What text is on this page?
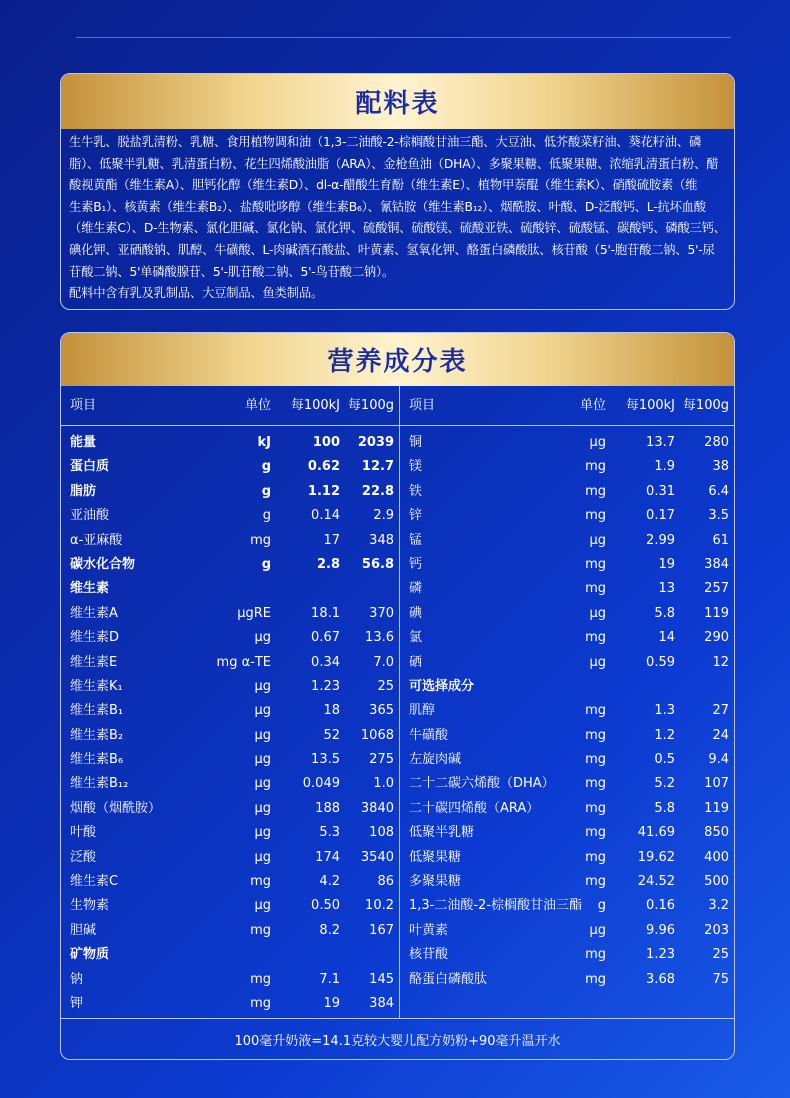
配料表

生牛乳、脱盐乳清粉、乳糖、食用植物调和油（1,3-二油酸-2-棕榈酸甘油三酯、大豆油、低芥酸菜籽油、葵花籽油、磷

脂）、低聚半乳糖、乳清蛋白粉、花生四烯酸油脂（ARA）、金枪鱼油（DHA）、多聚果糖、低聚果糖、浓缩乳清蛋白粉、醋

酸视黄酯（维生素A）、胆钙化醇（维生素D）、dl-α-醋酸生育酚（维生素E）、植物甲萘醌（维生素K）、硝酸硫胺素（维

生素B₁）、核黄素（维生素B₂）、盐酸吡哆醇（维生素B₆）、氰钴胺（维生素B₁₂）、烟酰胺、叶酸、D-泛酸钙、L-抗坏血酸

（维生素C）、D-生物素、氯化胆碱、氯化钠、氯化钾、硫酸铜、硫酸镁、硫酸亚铁、硫酸锌、硫酸锰、碳酸钙、磷酸三钙、

碘化钾、亚硒酸钠、肌醇、牛磺酸、L-肉碱酒石酸盐、叶黄素、氢氧化钾、酪蛋白磷酸肽、核苷酸（5'-胞苷酸二钠、5'-尿

苷酸二钠、5'单磷酸腺苷、5'-肌苷酸二钠、5'-鸟苷酸二钠）。

配料中含有乳及乳制品、大豆制品、鱼类制品。

营养成分表
项目	单位 每100kJ 每100g
能量	kJ	100 2039
蛋白质	g	0.62 12.7
脂肪	g	1.12 22.8
亚油酸	g	0.14	2.9
α-亚麻酸	mg	17 348
碳水化合物	g	2.8 56.8
维生素
维生素A	μgRE	18.1 370
维生素D	μg	0.67 13.6
维生素E	mg α-TE	0.34	7.0
维生素K₁	μg	1.23	25
维生素B₁	μg	18 365
维生素B₂	μg	52 1068
维生素B₆	μg	13.5 275
维生素B₁₂	μg 0.049	1.0
烟酸（烟酰胺）	μg	188 3840
叶酸	μg	5.3 108
泛酸	μg	174 3540
维生素C	mg	4.2	86
生物素	μg	0.50 10.2
胆碱	mg	8.2 167
矿物质
钠	mg	7.1 145
钾	mg	19 384
项目	单位 每100kJ 每100g
铜	μg	13.7 280
镁	mg	1.9	38
铁	mg	0.31	6.4
锌	mg	0.17	3.5
锰	μg	2.99	61
钙	mg	19 384
磷	mg	13 257
碘	μg	5.8 119
氯	mg	14 290
硒	μg	0.59	12
可选择成分
肌醇	mg	1.3	27
牛磺酸	mg	1.2	24
左旋肉碱	mg	0.5	9.4
二十二碳六烯酸（DHA） mg	5.2 107
二十碳四烯酸（ARA）	mg	5.8 119
低聚半乳糖	mg 41.69 850
低聚果糖	mg 19.62 400
多聚果糖	mg 24.52 500
1,3-二油酸-2-棕榈酸甘油三酯 g	0.16	3.2
叶黄素	μg	9.96 203
核苷酸	mg	1.23	25
酪蛋白磷酸肽	mg	3.68	75
100毫升奶液=14.1克较大婴儿配方奶粉+90毫升温开水
